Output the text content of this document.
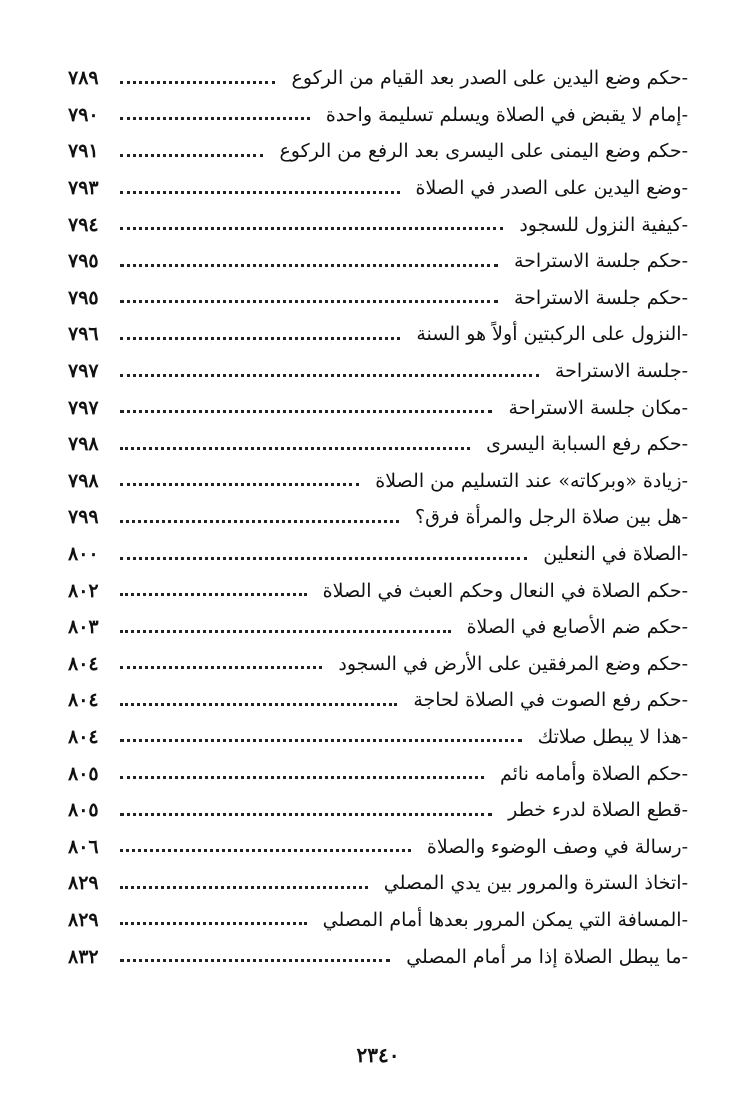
-حكم وضع اليدين على الصدر بعد القيام من الركوع
٧٨٩
-إمام لا يقبض في الصلاة ويسلم تسليمة واحدة
٧٩٠
-حكم وضع اليمنى على اليسرى بعد الرفع من الركوع
٧٩١
-وضع اليدين على الصدر في الصلاة
٧٩٣
-كيفية النزول للسجود
٧٩٤
-حكم جلسة الاستراحة
٧٩٥
-حكم جلسة الاستراحة
٧٩٥
-النزول على الركبتين أولاً هو السنة
٧٩٦
-جلسة الاستراحة
٧٩٧
-مكان جلسة الاستراحة
٧٩٧
-حكم رفع السبابة اليسرى
٧٩٨
-زيادة «وبركاته» عند التسليم من الصلاة
٧٩٨
-هل بين صلاة الرجل والمرأة فرق؟
٧٩٩
-الصلاة في النعلين
٨٠٠
-حكم الصلاة في النعال وحكم العبث في الصلاة
٨٠٢
-حكم ضم الأصابع في الصلاة
٨٠٣
-حكم وضع المرفقين على الأرض في السجود
٨٠٤
-حكم رفع الصوت في الصلاة لحاجة
٨٠٤
-هذا لا يبطل صلاتك
٨٠٤
-حكم الصلاة وأمامه نائم
٨٠٥
-قطع الصلاة لدرء خطر
٨٠٥
-رسالة في وصف الوضوء والصلاة
٨٠٦
-اتخاذ السترة والمرور بين يدي المصلي
٨٢٩
-المسافة التي يمكن المرور بعدها أمام المصلي
٨٢٩
-ما يبطل الصلاة إذا مر أمام المصلي
٨٣٢
٢٣٤٠
